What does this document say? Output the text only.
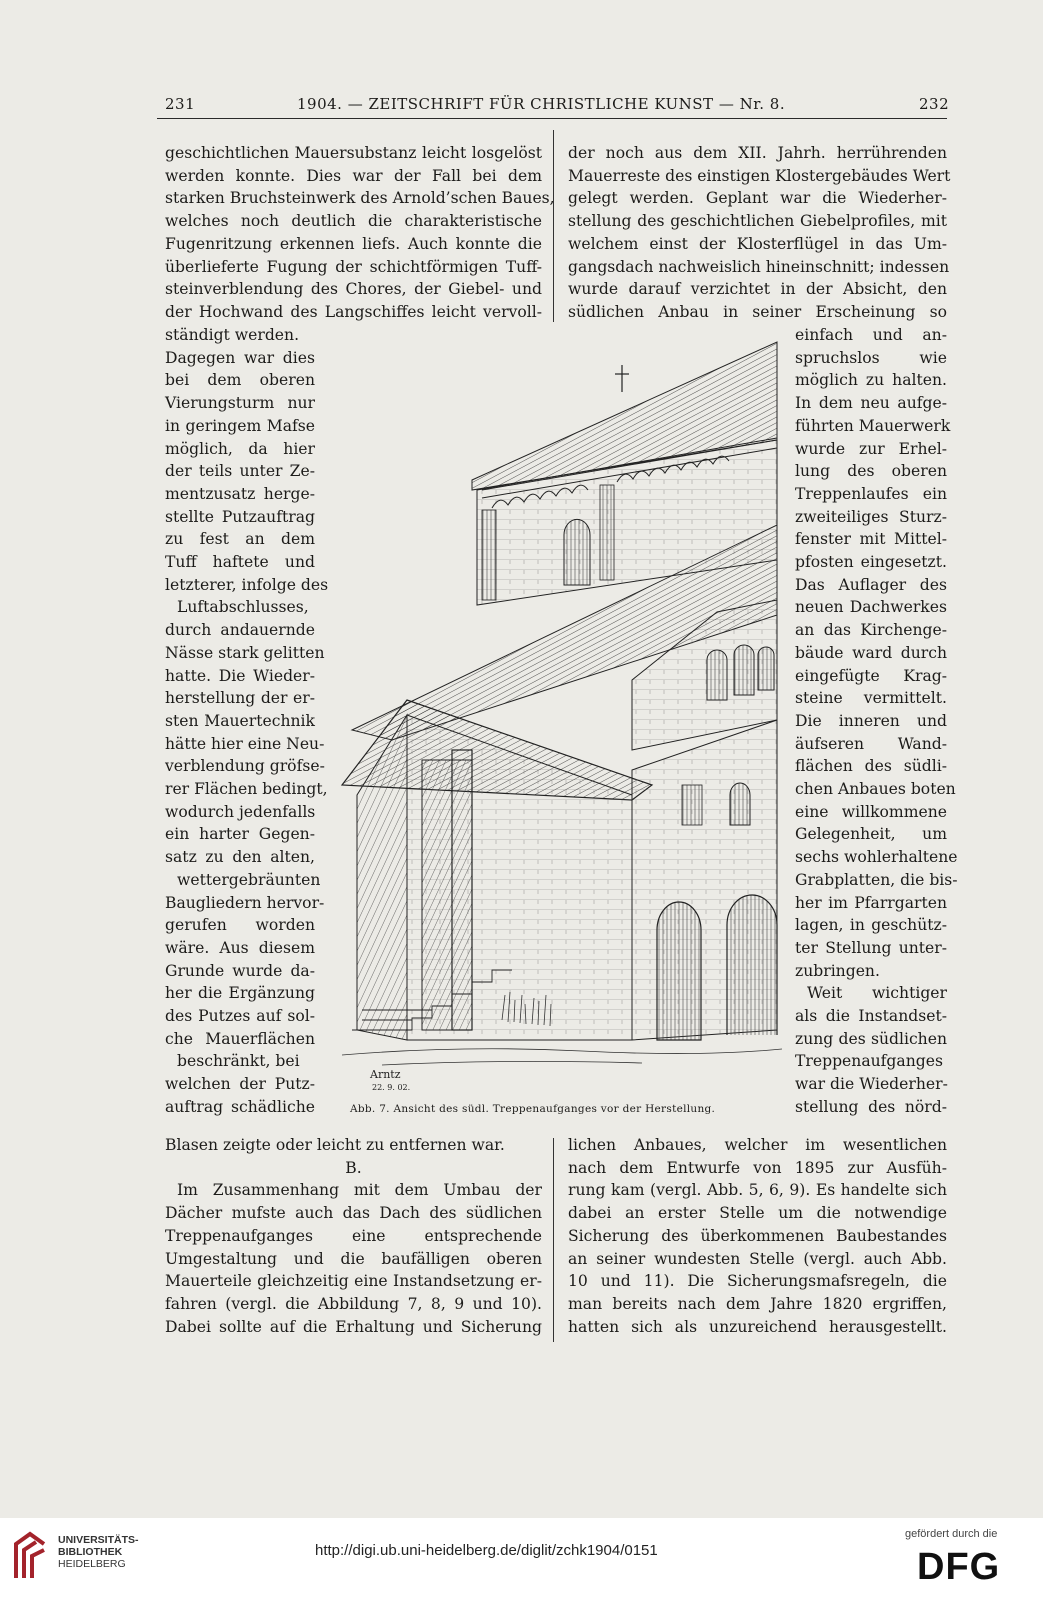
231	1904. — ZEITSCHRIFT FÜR CHRISTLICHE KUNST — Nr. 8.	232
geschichtlichen Mauersubstanz leicht losgelöst
werden konnte. Dies war der Fall bei dem
starken Bruchsteinwerk des Arnold’schen Baues,
welches noch deutlich die charakteristische
Fugenritzung erkennen liefs. Auch konnte die
überlieferte Fugung der schichtförmigen Tuff-
steinverblendung des Chores, der Giebel- und
der Hochwand des Langschiffes leicht vervoll-
ständigt werden.
Dagegen war dies
bei dem oberen
Vierungsturm nur
in geringem Mafse
möglich, da hier
der teils unter Ze-
mentzusatz herge-
stellte Putzauftrag
zu fest an dem
Tuff haftete und
letzterer, infolge des
Luftabschlusses,
durch andauernde
Nässe stark gelitten
hatte. Die Wieder-
herstellung der er-
sten Mauertechnik
hätte hier eine Neu-
verblendung gröfse-
rer Flächen bedingt,
wodurch jedenfalls
ein harter Gegen-
satz zu den alten,
wettergebräunten
Baugliedern hervor-
gerufen worden
wäre. Aus diesem
Grunde wurde da-
her die Ergänzung
des Putzes auf sol-
che Mauerflächen
beschränkt, bei
welchen der Putz-
auftrag schädliche
Blasen zeigte oder leicht zu entfernen war.
B.
Im Zusammenhang mit dem Umbau der
Dächer mufste auch das Dach des südlichen
Treppenaufganges eine entsprechende
Umgestaltung und die baufälligen oberen
Mauerteile gleichzeitig eine Instandsetzung er-
fahren (vergl. die Abbildung 7, 8, 9 und 10).
Dabei sollte auf die Erhaltung und Sicherung
der noch aus dem XII. Jahrh. herrührenden
Mauerreste des einstigen Klostergebäudes Wert
gelegt werden. Geplant war die Wiederher-
stellung des geschichtlichen Giebelprofiles, mit
welchem einst der Klosterflügel in das Um-
gangsdach nachweislich hineinschnitt; indessen
wurde darauf verzichtet in der Absicht, den
südlichen Anbau in seiner Erscheinung so
einfach und an-
spruchslos wie
möglich zu halten.
In dem neu aufge-
führten Mauerwerk
wurde zur Erhel-
lung des oberen
Treppenlaufes ein
zweiteiliges Sturz-
fenster mit Mittel-
pfosten eingesetzt.
Das Auflager des
neuen Dachwerkes
an das Kirchenge-
bäude ward durch
eingefügte Krag-
steine vermittelt.
Die inneren und
äufseren Wand-
flächen des südli-
chen Anbaues boten
eine willkommene
Gelegenheit, um
sechs wohlerhaltene
Grabplatten, die bis-
her im Pfarrgarten
lagen, in geschütz-
ter Stellung unter-
zubringen.
Weit wichtiger
als die Instandset-
zung des südlichen
Treppenaufganges
war die Wiederher-
stellung des nörd-
lichen Anbaues, welcher im wesentlichen
nach dem Entwurfe von 1895 zur Ausfüh-
rung kam (vergl. Abb. 5, 6, 9). Es handelte sich
dabei an erster Stelle um die notwendige
Sicherung des überkommenen Baubestandes
an seiner wundesten Stelle (vergl. auch Abb.
10 und 11). Die Sicherungsmafsregeln, die
man bereits nach dem Jahre 1820 ergriffen,
hatten sich als unzureichend herausgestellt.
Arntz
22. 9. 02.
Abb. 7. Ansicht des südl. Treppenaufganges vor der Herstellung.
UNIVERSITÄTS-
BIBLIOTHEK
HEIDELBERG
http://digi.ub.uni-heidelberg.de/diglit/zchk1904/0151
gefördert durch die
DFG
